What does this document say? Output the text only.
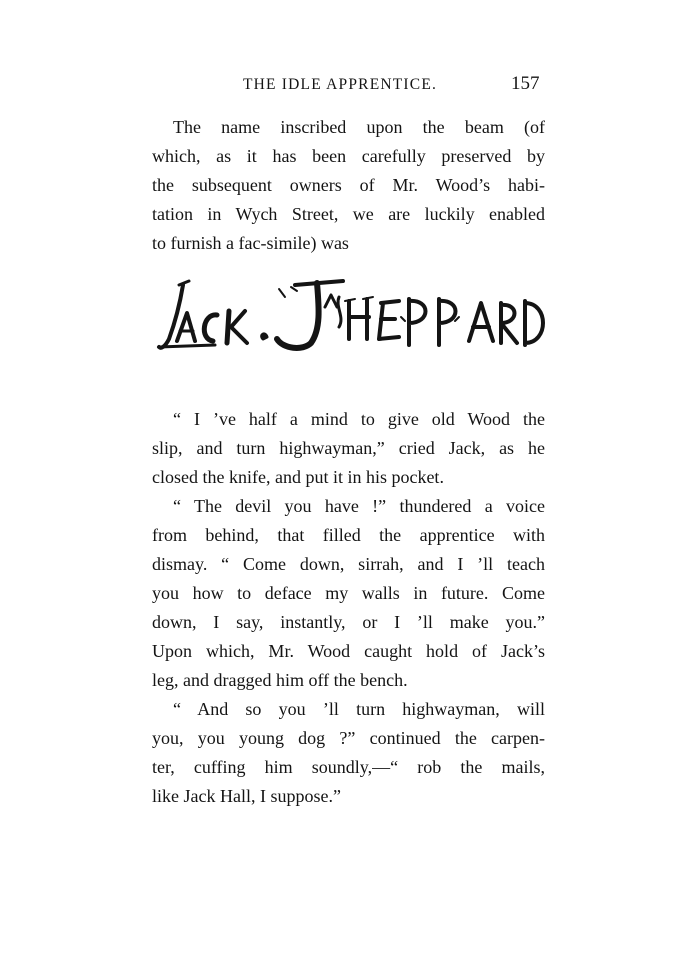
THE IDLE APPRENTICE.	157
The name inscribed upon the beam (of
which, as it has been carefully preserved by
the subsequent owners of Mr. Wood’s habi-
tation in Wych Street, we are luckily enabled
to furnish a fac-simile) was
“ I ’ve half a mind to give old Wood the
slip, and turn highwayman,” cried Jack, as he
closed the knife, and put it in his pocket.
“ The devil you have !” thundered a voice
from behind, that filled the apprentice with
dismay. “ Come down, sirrah, and I ’ll teach
you how to deface my walls in future. Come
down, I say, instantly, or I ’ll make you.”
Upon which, Mr. Wood caught hold of Jack’s
leg, and dragged him off the bench.
“ And so you ’ll turn highwayman, will
you, you young dog ?” continued the carpen-
ter, cuffing him soundly,—“ rob the mails,
like Jack Hall, I suppose.”
